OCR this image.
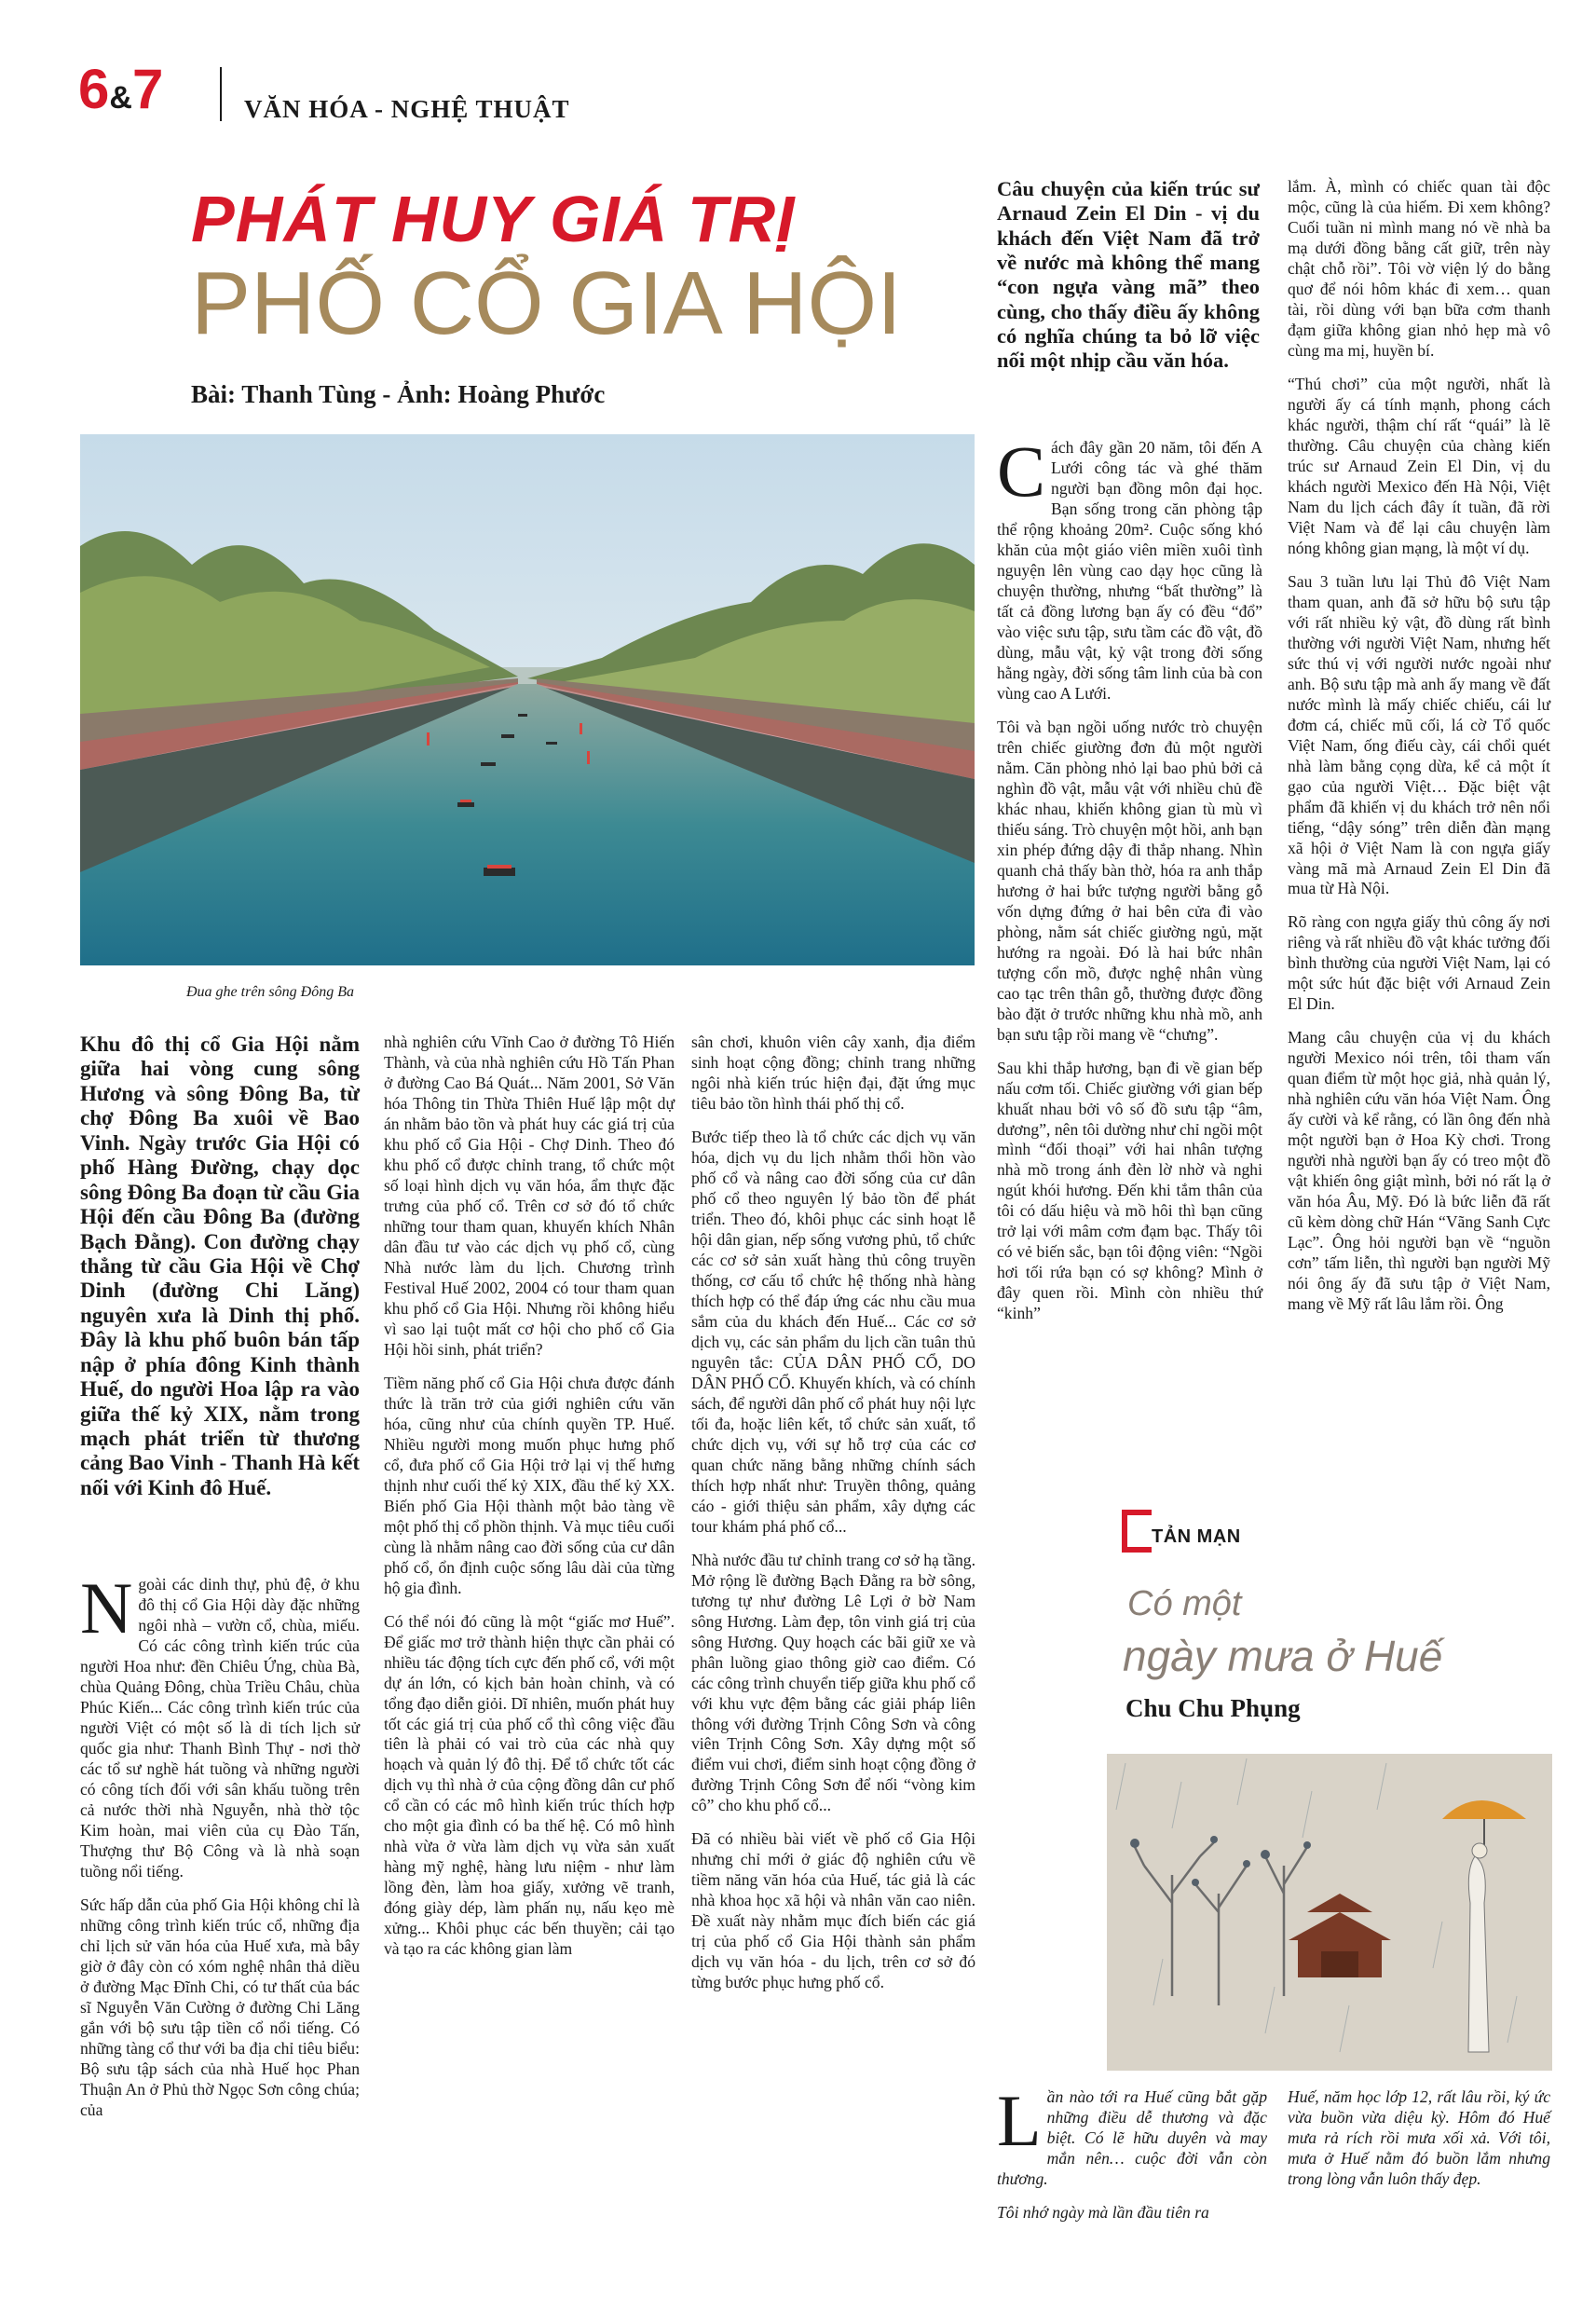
6&7	VĂN HÓA - NGHỆ THUẬT
PHÁT HUY GIÁ TRỊ
PHỐ CỔ GIA HỘI
Bài: Thanh Tùng - Ảnh: Hoàng Phước
Đua ghe trên sông Đông Ba
Khu đô thị cổ Gia Hội nằm giữa hai vòng cung sông Hương và sông Đông Ba, từ chợ Đông Ba xuôi về Bao Vinh. Ngày trước Gia Hội có phố Hàng Đường, chạy dọc sông Đông Ba đoạn từ cầu Gia Hội đến cầu Đông Ba (đường Bạch Đằng). Con đường chạy thẳng từ cầu Gia Hội về Chợ Dinh (đường Chi Lăng) nguyên xưa là Dinh thị phố. Đây là khu phố buôn bán tấp nập ở phía đông Kinh thành Huế, do người Hoa lập ra vào giữa thế kỷ XIX, nằm trong mạch phát triển từ thương cảng Bao Vinh - Thanh Hà kết nối với Kinh đô Huế.

Ngoài các dinh thự, phủ đệ, ở khu đô thị cổ Gia Hội dày đặc những ngôi nhà – vườn cổ, chùa, miếu. Có các công trình kiến trúc của người Hoa như: đền Chiêu Ứng, chùa Bà, chùa Quảng Đông, chùa Triều Châu, chùa Phúc Kiến... Các công trình kiến trúc của người Việt có một số là di tích lịch sử quốc gia như: Thanh Bình Thự - nơi thờ các tổ sư nghề hát tuồng và những người có công tích đối với sân khấu tuồng trên cả nước thời nhà Nguyễn, nhà thờ tộc Kim hoàn, mai viên của cụ Đào Tấn, Thượng thư Bộ Công và là nhà soạn tuồng nổi tiếng.

Sức hấp dẫn của phố Gia Hội không chỉ là những công trình kiến trúc cổ, những địa chỉ lịch sử văn hóa của Huế xưa, mà bây giờ ở đây còn có xóm nghệ nhân thả diều ở đường Mạc Đĩnh Chi, có tư thất của bác sĩ Nguyễn Văn Cường ở đường Chi Lăng gắn với bộ sưu tập tiền cổ nổi tiếng. Có những tàng cổ thư với ba địa chỉ tiêu biểu: Bộ sưu tập sách của nhà Huế học Phan Thuận An ở Phủ thờ Ngọc Sơn công chúa; của

nhà nghiên cứu Vĩnh Cao ở đường Tô Hiến Thành, và của nhà nghiên cứu Hồ Tấn Phan ở đường Cao Bá Quát... Năm 2001, Sở Văn hóa Thông tin Thừa Thiên Huế lập một dự án nhằm bảo tồn và phát huy các giá trị của khu phố cổ Gia Hội - Chợ Dinh. Theo đó khu phố cổ được chỉnh trang, tổ chức một số loại hình dịch vụ văn hóa, ẩm thực đặc trưng của phố cổ. Trên cơ sở đó tổ chức những tour tham quan, khuyến khích Nhân dân đầu tư vào các dịch vụ phố cổ, cùng Nhà nước làm du lịch. Chương trình Festival Huế 2002, 2004 có tour tham quan khu phố cổ Gia Hội. Nhưng rồi không hiểu vì sao lại tuột mất cơ hội cho phố cổ Gia Hội hồi sinh, phát triển?

Tiềm năng phố cổ Gia Hội chưa được đánh thức là trăn trở của giới nghiên cứu văn hóa, cũng như của chính quyền TP. Huế. Nhiều người mong muốn phục hưng phố cổ, đưa phố cổ Gia Hội trở lại vị thế hưng thịnh như cuối thế kỷ XIX, đầu thế kỷ XX. Biến phố Gia Hội thành một bảo tàng về một phố thị cổ phồn thịnh. Và mục tiêu cuối cùng là nhằm nâng cao đời sống của cư dân phố cổ, ổn định cuộc sống lâu dài của từng hộ gia đình.

Có thể nói đó cũng là một “giấc mơ Huế”. Để giấc mơ trở thành hiện thực cần phải có nhiều tác động tích cực đến phố cổ, với một dự án lớn, có kịch bản hoàn chỉnh, và có tổng đạo diễn giỏi. Dĩ nhiên, muốn phát huy tốt các giá trị của phố cổ thì công việc đầu tiên là phải có vai trò của các nhà quy hoạch và quản lý đô thị. Để tổ chức tốt các dịch vụ thì nhà ở của cộng đồng dân cư phố cổ cần có các mô hình kiến trúc thích hợp cho một gia đình có ba thế hệ. Có mô hình nhà vừa ở vừa làm dịch vụ vừa sản xuất hàng mỹ nghệ, hàng lưu niệm - như làm lồng đèn, làm hoa giấy, xưởng vẽ tranh, đóng giày dép, làm phấn nụ, nấu kẹo mè xửng... Khôi phục các bến thuyền; cải tạo và tạo ra các không gian làm

sân chơi, khuôn viên cây xanh, địa điểm sinh hoạt cộng đồng; chỉnh trang những ngôi nhà kiến trúc hiện đại, đặt ứng mục tiêu bảo tồn hình thái phố thị cổ.

Bước tiếp theo là tổ chức các dịch vụ văn hóa, dịch vụ du lịch nhằm thổi hồn vào phố cổ và nâng cao đời sống của cư dân phố cổ theo nguyên lý bảo tồn để phát triển. Theo đó, khôi phục các sinh hoạt lễ hội dân gian, nếp sống vương phủ, tổ chức các cơ sở sản xuất hàng thủ công truyền thống, cơ cấu tổ chức hệ thống nhà hàng thích hợp có thể đáp ứng các nhu cầu mua sắm của du khách đến Huế... Các cơ sở dịch vụ, các sản phẩm du lịch cần tuân thủ nguyên tắc: CỦA DÂN PHỐ CỔ, DO DÂN PHỐ CỔ. Khuyến khích, và có chính sách, để người dân phố cổ phát huy nội lực tối đa, hoặc liên kết, tổ chức sản xuất, tổ chức dịch vụ, với sự hỗ trợ của các cơ quan chức năng bằng những chính sách thích hợp nhất như: Truyền thông, quảng cáo - giới thiệu sản phẩm, xây dựng các tour khám phá phố cổ...

Nhà nước đầu tư chỉnh trang cơ sở hạ tầng. Mở rộng lề đường Bạch Đằng ra bờ sông, tương tự như đường Lê Lợi ở bờ Nam sông Hương. Làm đẹp, tôn vinh giá trị của sông Hương. Quy hoạch các bãi giữ xe và phân luồng giao thông giờ cao điểm. Có các công trình chuyển tiếp giữa khu phố cổ với khu vực đệm bằng các giải pháp liên thông với đường Trịnh Công Sơn và công viên Trịnh Công Sơn. Xây dựng một số điểm vui chơi, điểm sinh hoạt cộng đồng ở đường Trịnh Công Sơn để nối “vòng kim cô” cho khu phố cổ...

Đã có nhiều bài viết về phố cổ Gia Hội nhưng chỉ mới ở giác độ nghiên cứu về tiềm năng văn hóa của Huế, tác giả là các nhà khoa học xã hội và nhân văn cao niên. Đề xuất này nhằm mục đích biến các giá trị của phố cổ Gia Hội thành sản phẩm dịch vụ văn hóa - du lịch, trên cơ sở đó từng bước phục hưng phố cổ.

Câu chuyện của kiến trúc sư Arnaud Zein El Din - vị du khách đến Việt Nam đã trở về nước mà không thể mang “con ngựa vàng mã” theo cùng, cho thấy điều ấy không có nghĩa chúng ta bỏ lỡ việc nối một nhịp cầu văn hóa.

Cách đây gần 20 năm, tôi đến A Lưới công tác và ghé thăm người bạn đồng môn đại học. Bạn sống trong căn phòng tập thể rộng khoảng 20m². Cuộc sống khó khăn của một giáo viên miền xuôi tình nguyện lên vùng cao dạy học cũng là chuyện thường, nhưng “bất thường” là tất cả đồng lương bạn ấy có đều “đổ” vào việc sưu tập, sưu tầm các đồ vật, đồ dùng, mẫu vật, kỷ vật trong đời sống hằng ngày, đời sống tâm linh của bà con vùng cao A Lưới.

Tôi và bạn ngồi uống nước trò chuyện trên chiếc giường đơn đủ một người nằm. Căn phòng nhỏ lại bao phủ bởi cả nghìn đồ vật, mẫu vật với nhiều chủ đề khác nhau, khiến không gian tù mù vì thiếu sáng. Trò chuyện một hồi, anh bạn xin phép đứng dậy đi thắp nhang. Nhìn quanh chả thấy bàn thờ, hóa ra anh thắp hương ở hai bức tượng người bằng gỗ vốn dựng đứng ở hai bên cửa đi vào phòng, nằm sát chiếc giường ngủ, mặt hướng ra ngoài. Đó là hai bức nhân tượng cổn mồ, được nghệ nhân vùng cao tạc trên thân gỗ, thường được đồng bào đặt ở trước những khu nhà mồ, anh bạn sưu tập rồi mang về “chưng”.

Sau khi thắp hương, bạn đi về gian bếp nấu cơm tối. Chiếc giường với gian bếp khuất nhau bởi vô số đồ sưu tập “âm, dương”, nên tôi dường như chỉ ngồi một mình “đối thoại” với hai nhân tượng nhà mồ trong ánh đèn lờ nhờ và nghi ngút khói hương. Đến khi tắm thân của tôi có dấu hiệu và mồ hôi thì bạn cũng trở lại với mâm cơm đạm bạc. Thấy tôi có vẻ biến sắc, bạn tôi động viên: “Ngồi hơi tối rứa bạn có sợ không? Mình ở đây quen rồi. Mình còn nhiều thứ “kinh”

lắm. À, mình có chiếc quan tài độc mộc, cũng là của hiếm. Đi xem không? Cuối tuần ni mình mang nó về nhà ba mạ dưới đồng bằng cất giữ, trên này chật chỗ rồi”. Tôi vờ viện lý do bằng quơ để nói hôm khác đi xem… quan tài, rồi dùng với bạn bữa cơm thanh đạm giữa không gian nhỏ hẹp mà vô cùng ma mị, huyền bí.

“Thú chơi” của một người, nhất là người ấy cá tính mạnh, phong cách khác người, thậm chí rất “quái” là lẽ thường. Câu chuyện của chàng kiến trúc sư Arnaud Zein El Din, vị du khách người Mexico đến Hà Nội, Việt Nam du lịch cách đây ít tuần, đã rời Việt Nam và để lại câu chuyện làm nóng không gian mạng, là một ví dụ.

Sau 3 tuần lưu lại Thủ đô Việt Nam tham quan, anh đã sở hữu bộ sưu tập với rất nhiều kỷ vật, đồ dùng rất bình thường với người Việt Nam, nhưng hết sức thú vị với người nước ngoài như anh. Bộ sưu tập mà anh ấy mang về đất nước mình là mấy chiếc chiếu, cái lư đơm cá, chiếc mũ cối, lá cờ Tổ quốc Việt Nam, ống điếu cày, cái chổi quét nhà làm bằng cọng dừa, kể cả một ít gạo của người Việt… Đặc biệt vật phẩm đã khiến vị du khách trở nên nổi tiếng, “dậy sóng” trên diễn đàn mạng xã hội ở Việt Nam là con ngựa giấy vàng mã mà Arnaud Zein El Din đã mua từ Hà Nội.

Rõ ràng con ngựa giấy thủ công ấy nơi riêng và rất nhiều đồ vật khác tưởng đối bình thường của người Việt Nam, lại có một sức hút đặc biệt với Arnaud Zein El Din.

Mang câu chuyện của vị du khách người Mexico nói trên, tôi tham vấn quan điểm từ một học giả, nhà quản lý, nhà nghiên cứu văn hóa Việt Nam. Ông ấy cười và kể rằng, có lần ông đến nhà một người bạn ở Hoa Kỳ chơi. Trong người nhà người bạn ấy có treo một đồ vật khiến ông giật mình, bởi nó rất lạ ở văn hóa Âu, Mỹ. Đó là bức liễn đã rất cũ kèm dòng chữ Hán “Vãng Sanh Cực Lạc”. Ông hỏi người bạn về “nguồn cơn” tấm liễn, thì người bạn người Mỹ nói ông ấy đã sưu tập ở Việt Nam, mang về Mỹ rất lâu lắm rồi. Ông

TẢN MẠN
Có một
ngày mưa ở Huế
Chu Chu Phụng

Lần nào tới ra Huế cũng bắt gặp những điều dễ thương và đặc biệt. Có lẽ hữu duyên và may mắn nên… cuộc đời vẫn còn thương.

Tôi nhớ ngày mà lần đầu tiên ra

Huế, năm học lớp 12, rất lâu rồi, ký ức vừa buồn vừa diệu kỳ. Hôm đó Huế mưa rả rích rồi mưa xối xả. Với tôi, mưa ở Huế nằm đó buồn lắm nhưng trong lòng vẫn luôn thấy đẹp.
